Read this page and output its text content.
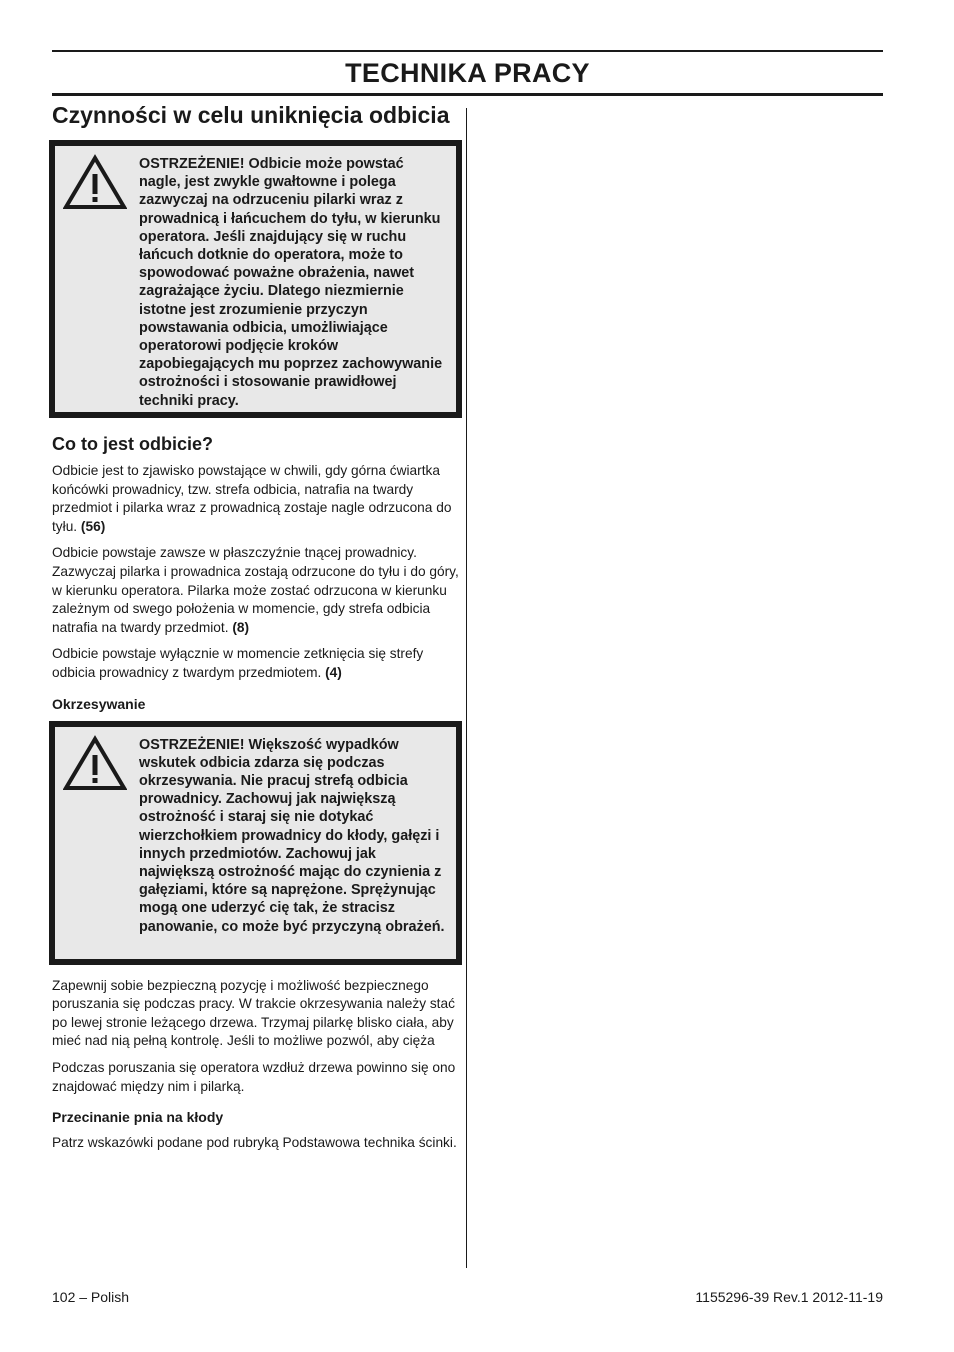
TECHNIKA PRACY
Czynności w celu uniknięcia odbicia
OSTRZEŻENIE! Odbicie może powstać nagle, jest zwykle gwałtowne i polega zazwyczaj na odrzuceniu pilarki wraz z prowadnicą i łańcuchem do tyłu, w kierunku operatora. Jeśli znajdujący się w ruchu łańcuch dotknie do operatora, może to spowodować poważne obrażenia, nawet zagrażające życiu. Dlatego niezmiernie istotne jest zrozumienie przyczyn powstawania odbicia, umożliwiające operatorowi podjęcie kroków zapobiegających mu poprzez zachowywanie ostrożności i stosowanie prawidłowej techniki pracy.
Co to jest odbicie?

Odbicie jest to zjawisko powstające w chwili, gdy górna ćwiartka końcówki prowadnicy, tzw. strefa odbicia, natrafia na twardy przedmiot i pilarka wraz z prowadnicą zostaje nagle odrzucona do tyłu. (56)

Odbicie powstaje zawsze w płaszczyźnie tnącej prowadnicy. Zazwyczaj pilarka i prowadnica zostają odrzucone do tyłu i do góry, w kierunku operatora. Pilarka może zostać odrzucona w kierunku zależnym od swego położenia w momencie, gdy strefa odbicia natrafia na twardy przedmiot. (8)

Odbicie powstaje wyłącznie w momencie zetknięcia się strefy odbicia prowadnicy z twardym przedmiotem. (4)

Okrzesywanie
OSTRZEŻENIE! Większość wypadków wskutek odbicia zdarza się podczas okrzesywania. Nie pracuj strefą odbicia prowadnicy. Zachowuj jak największą ostrożność i staraj się nie dotykać wierzchołkiem prowadnicy do kłody, gałęzi i innych przedmiotów. Zachowuj jak największą ostrożność mając do czynienia z gałęziami, które są naprężone. Sprężynując mogą one uderzyć cię tak, że stracisz panowanie, co może być przyczyną obrażeń.

Zapewnij sobie bezpieczną pozycję i możliwość bezpiecznego poruszania się podczas pracy. W trakcie okrzesywania należy stać po lewej stronie leżącego drzewa. Trzymaj pilarkę blisko ciała, aby mieć nad nią pełną kontrolę. Jeśli to możliwe pozwól, aby ciężа

Podczas poruszania się operatora wzdłuż drzewa powinno się ono znajdować między nim i pilarką.

Przecinanie pnia na kłody

Patrz wskazówki podane pod rubryką Podstawowa technika ścinki.

102 – Polish	1155296-39 Rev.1 2012-11-19
